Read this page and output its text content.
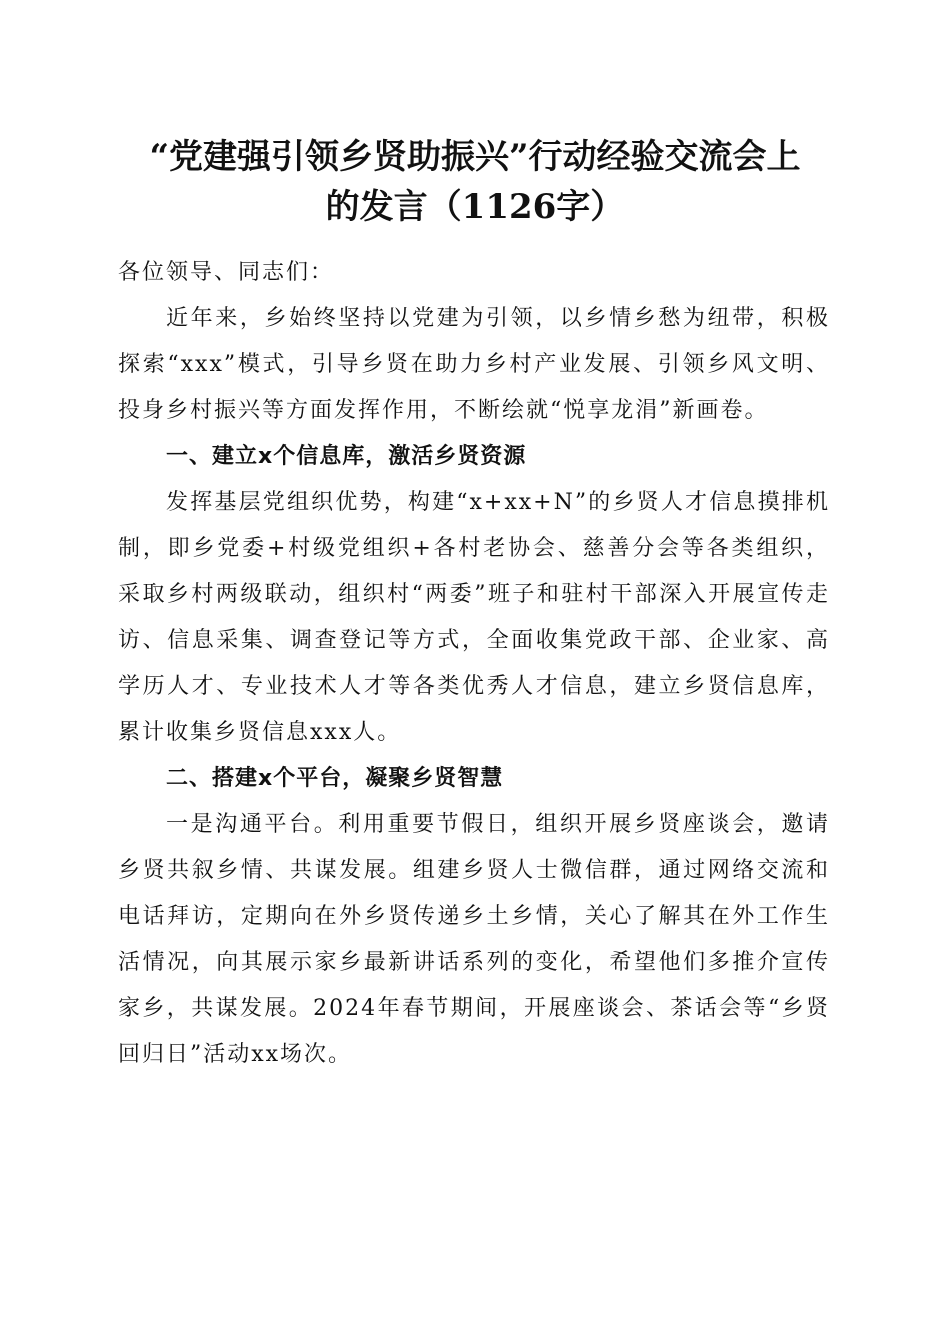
“党建强引领乡贤助振兴”行动经验交流会上
的发言（1126字）

各位领导、同志们：

近年来，乡始终坚持以党建为引领，以乡情乡愁为纽带，积极探索“xxx”模式，引导乡贤在助力乡村产业发展、引领乡风文明、投身乡村振兴等方面发挥作用，不断绘就“悦享龙涓”新画卷。

一、建立x个信息库，激活乡贤资源

发挥基层党组织优势，构建“x+xx+N”的乡贤人才信息摸排机制，即乡党委+村级党组织+各村老协会、慈善分会等各类组织，采取乡村两级联动，组织村“两委”班子和驻村干部深入开展宣传走访、信息采集、调查登记等方式，全面收集党政干部、企业家、高学历人才、专业技术人才等各类优秀人才信息，建立乡贤信息库，累计收集乡贤信息xxx人。

二、搭建x个平台，凝聚乡贤智慧

一是沟通平台。利用重要节假日，组织开展乡贤座谈会，邀请乡贤共叙乡情、共谋发展。组建乡贤人士微信群，通过网络交流和电话拜访，定期向在外乡贤传递乡土乡情，关心了解其在外工作生活情况，向其展示家乡最新讲话系列的变化，希望他们多推介宣传家乡，共谋发展。2024年春节期间，开展座谈会、茶话会等“乡贤回归日”活动xx场次。
